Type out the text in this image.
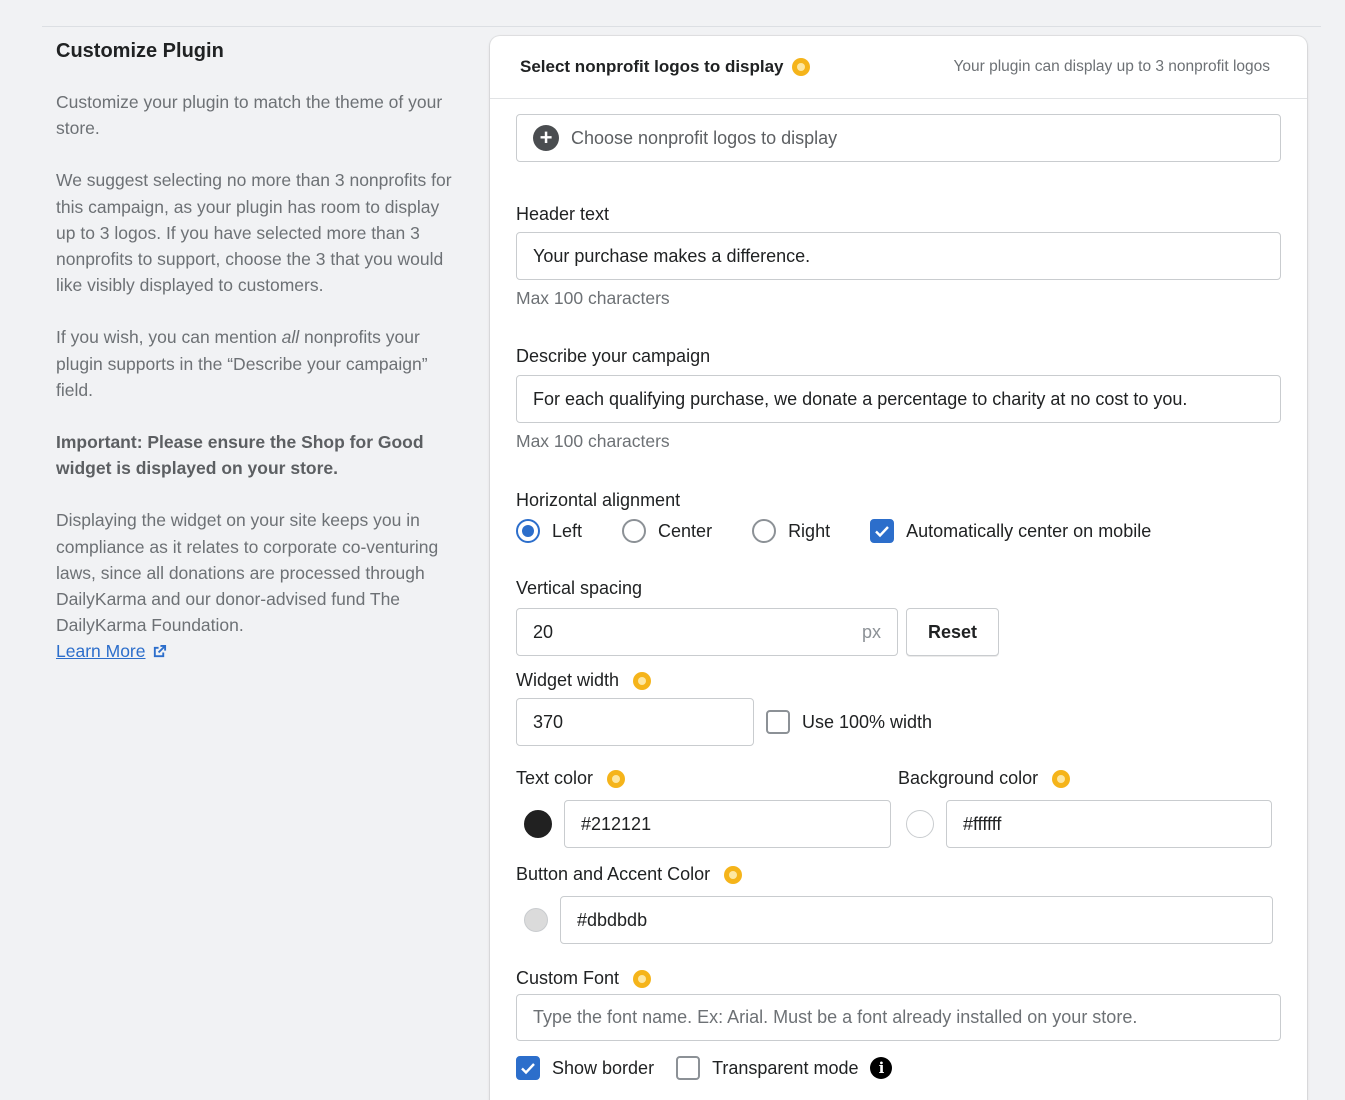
Customize Plugin

Customize your plugin to match the theme of your store.

We suggest selecting no more than 3 nonprofits for this campaign, as your plugin has room to display up to 3 logos. If you have selected more than 3 nonprofits to support, choose the 3 that you would like visibly displayed to customers.

If you wish, you can mention all nonprofits your plugin supports in the “Describe your campaign” field.

Important: Please ensure the Shop for Good widget is displayed on your store.

Displaying the widget on your site keeps you in compliance as it relates to corporate co-venturing laws, since all donations are processed through DailyKarma and our donor-advised fund The DailyKarma Foundation.

Learn More
Select nonprofit logos to display	Your plugin can display up to 3 nonprofit logos
+	Choose nonprofit logos to display
Header text
Your purchase makes a difference.
Max 100 characters
Describe your campaign
For each qualifying purchase, we donate a percentage to charity at no cost to you.
Max 100 characters
Horizontal alignment
Left	Center	Right	Automatically center on mobile
Vertical spacing
20	px	Reset
Widget width
370	Use 100% width
Text color	Background color
#212121	#ffffff
Button and Accent Color
#dbdbdb
Custom Font
Type the font name. Ex: Arial. Must be a font already installed on your store.
Show border	Transparent mode	i
